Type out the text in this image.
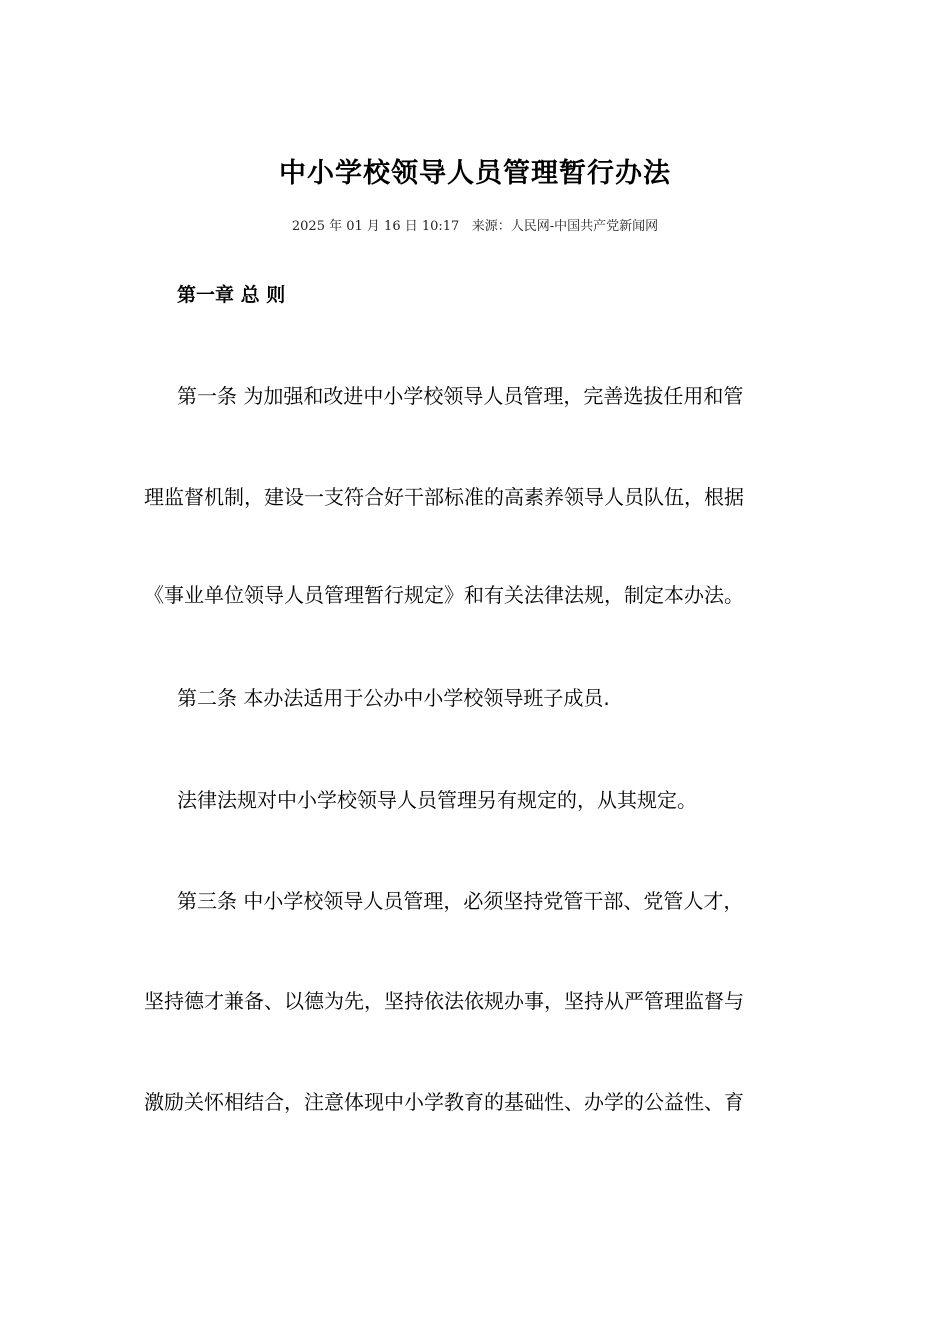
中小学校领导人员管理暂行办法
2025 年 01 月 16 日 10:17   来源：人民网-中国共产党新闻网
第一章 总 则
第一条 为加强和改进中小学校领导人员管理，完善选拔任用和管
理监督机制，建设一支符合好干部标准的高素养领导人员队伍，根据
《事业单位领导人员管理暂行规定》和有关法律法规，制定本办法。
第二条 本办法适用于公办中小学校领导班子成员.
法律法规对中小学校领导人员管理另有规定的，从其规定。
第三条 中小学校领导人员管理，必须坚持党管干部、党管人才，
坚持德才兼备、以德为先，坚持依法依规办事，坚持从严管理监督与
激励关怀相结合，注意体现中小学教育的基础性、办学的公益性、育
